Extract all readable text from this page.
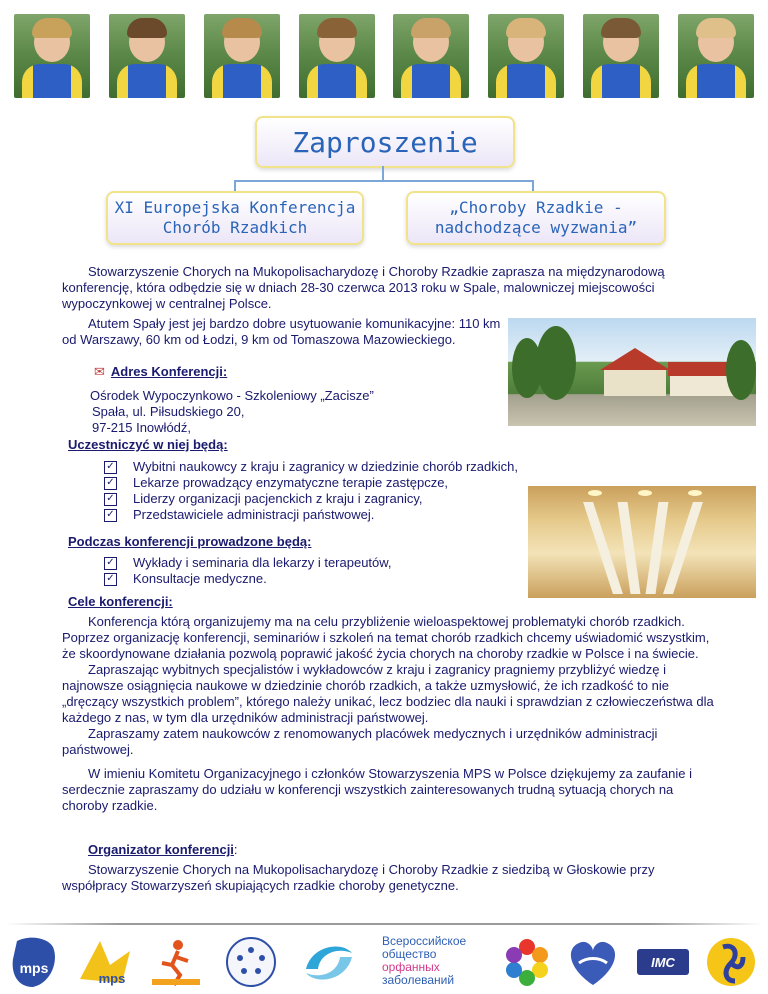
Zaproszenie
XI Europejska Konferencja
Chorób Rzadkich
„Choroby Rzadkie -
nadchodzące wyzwania”

Stowarzyszenie Chorych na Mukopolisacharydozę i Choroby Rzadkie zaprasza na międzynarodową konferencję, która odbędzie się w dniach 28-30 czerwca 2013 roku w Spale, malowniczej miejscowości wypoczynkowej w centralnej Polsce.

Atutem Spały jest jej bardzo dobre usytuowanie komunikacyjne: 110 km od Warszawy, 60 km od Łodzi, 9 km od Tomaszowa Mazowieckiego.

✉ Adres Konferencji:
Ośrodek Wypoczynkowo - Szkoleniowy „Zacisze”
Spała, ul. Piłsudskiego 20,
97-215 Inowłódź,
Uczestniczyć w niej będą:
✓ Wybitni naukowcy z kraju i zagranicy w dziedzinie chorób rzadkich,
✓ Lekarze prowadzący enzymatyczne terapie zastępcze,
✓ Liderzy organizacji pacjenckich z kraju i zagranicy,
✓ Przedstawiciele administracji państwowej.
Podczas konferencji prowadzone będą:
✓ Wykłady i seminaria dla lekarzy i terapeutów,
✓ Konsultacje medyczne.
Cele konferencji:

Konferencja którą organizujemy ma na celu przybliżenie wieloaspektowej problematyki chorób rzadkich. Poprzez organizację konferencji, seminariów i szkoleń na temat chorób rzadkich chcemy uświadomić wszystkim, że skoordynowane działania pozwolą poprawić jakość życia chorych na choroby rzadkie w Polsce i na świecie.

Zapraszając wybitnych specjalistów i wykładowców z kraju i zagranicy pragniemy przybliżyć wiedzę i najnowsze osiągnięcia naukowe w dziedzinie chorób rzadkich, a także uzmysłowić, że ich rzadkość to nie „dręczący wszystkich problem”, którego należy unikać, lecz bodziec dla nauki i sprawdzian z człowieczeństwa dla każdego z nas, w tym dla urzędników administracji państwowej.

Zapraszamy zatem naukowców z renomowanych placówek medycznych i urzędników administracji państwowej.

W imieniu Komitetu Organizacyjnego i członków Stowarzyszenia MPS w Polsce dziękujemy za zaufanie i serdecznie zapraszamy do udziału w konferencji wszystkich zainteresowanych trudną sytuacją chorych na choroby rzadkie.

Organizator konferencji:

Stowarzyszenie Chorych na Mukopolisacharydozę i Choroby Rzadkie z siedzibą w Głoskowie przy współpracy Stowarzyszeń skupiających rzadkie choroby genetyczne.

mps
mps
Всероссийское
общество
орфанных
заболеваний
IMC
